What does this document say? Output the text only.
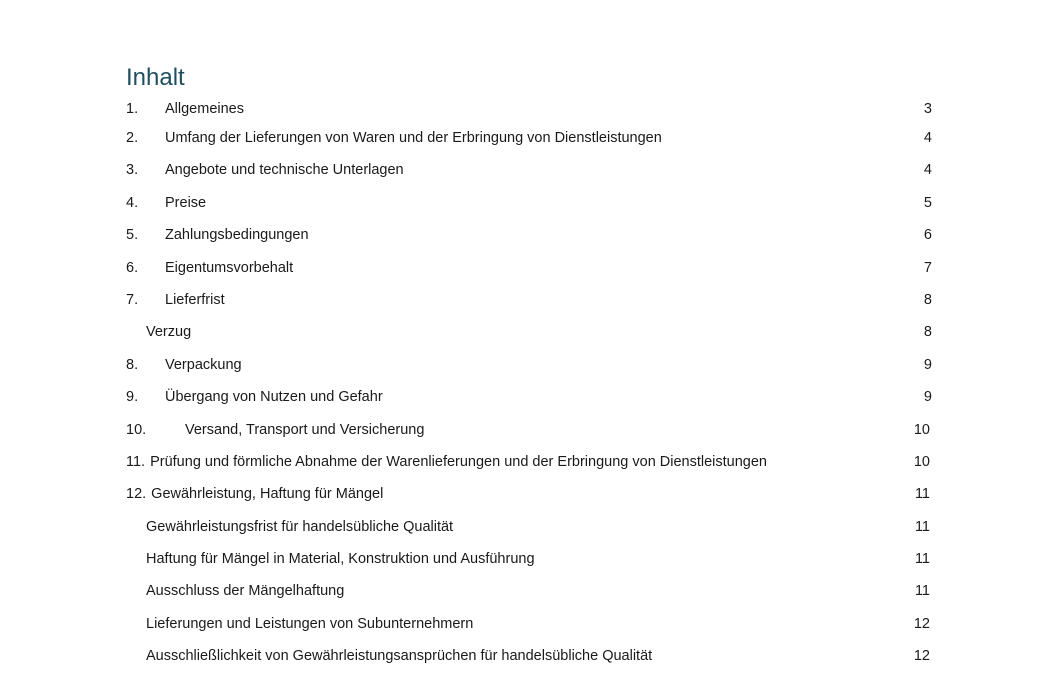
Inhalt
1.	Allgemeines	3
2.	Umfang der Lieferungen von Waren und der Erbringung von Dienstleistungen	4
3.	Angebote und technische Unterlagen	4
4.	Preise	5
5.	Zahlungsbedingungen	6
6.	Eigentumsvorbehalt	7
7.	Lieferfrist	8
Verzug	8
8.	Verpackung	9
9.	Übergang von Nutzen und Gefahr	9
10.	Versand, Transport und Versicherung	10
11. Prüfung und förmliche Abnahme der Warenlieferungen und der Erbringung von Dienstleistungen	10
12. Gewährleistung, Haftung für Mängel	11
Gewährleistungsfrist für handelsübliche Qualität	11
Haftung für Mängel in Material, Konstruktion und Ausführung	11
Ausschluss der Mängelhaftung	11
Lieferungen und Leistungen von Subunternehmern	12
Ausschließlichkeit von Gewährleistungsansprüchen für handelsübliche Qualität	12
